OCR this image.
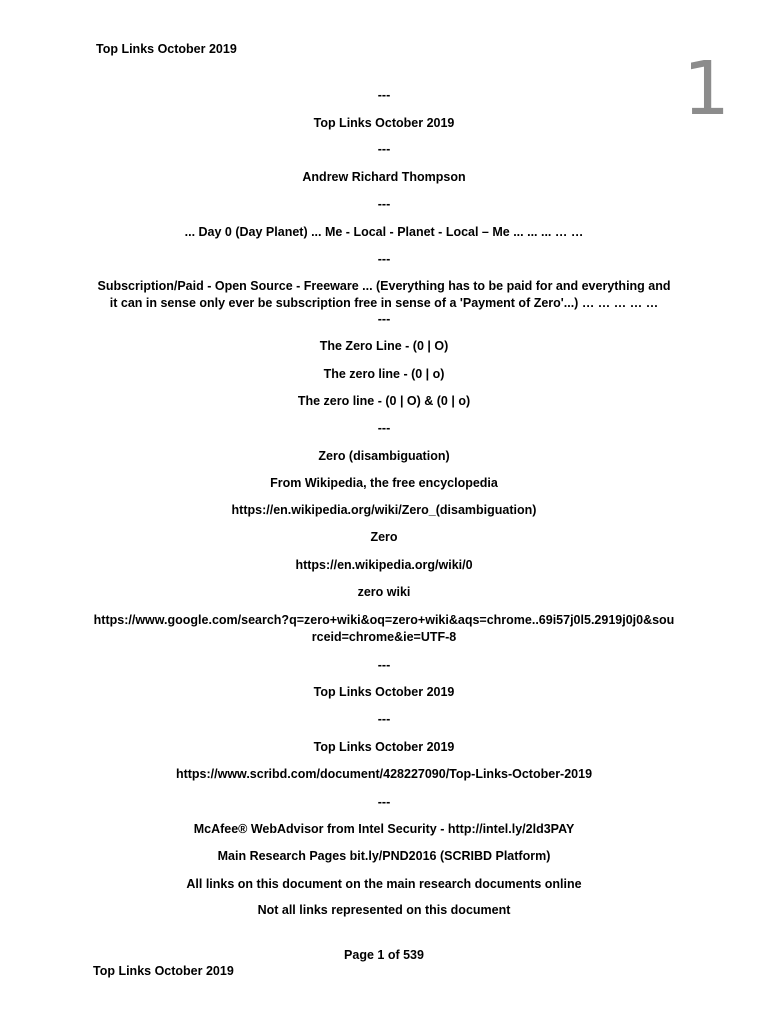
Top Links October 2019	1
---
Top Links October 2019
---
Andrew Richard Thompson
---
... Day 0 (Day Planet) ... Me - Local - Planet - Local – Me ... ... ... … …
---
Subscription/Paid - Open Source - Freeware ... (Everything has to be paid for and everything and it can in sense only ever be subscription free in sense of a 'Payment of Zero'...) … … … … …
---
The Zero Line - (0 | O)
The zero line - (0 | o)
The zero line - (0 | O) & (0 | o)
---
Zero (disambiguation)
From Wikipedia, the free encyclopedia
https://en.wikipedia.org/wiki/Zero_(disambiguation)
Zero
https://en.wikipedia.org/wiki/0
zero wiki
https://www.google.com/search?q=zero+wiki&oq=zero+wiki&aqs=chrome..69i57j0l5.2919j0j0&sourceid=chrome&ie=UTF-8
---
Top Links October 2019
---
Top Links October 2019
https://www.scribd.com/document/428227090/Top-Links-October-2019
---
McAfee® WebAdvisor from Intel Security - http://intel.ly/2ld3PAY
Main Research Pages bit.ly/PND2016 (SCRIBD Platform)
All links on this document on the main research documents online
Not all links represented on this document
Page 1 of 539
Top Links October 2019
